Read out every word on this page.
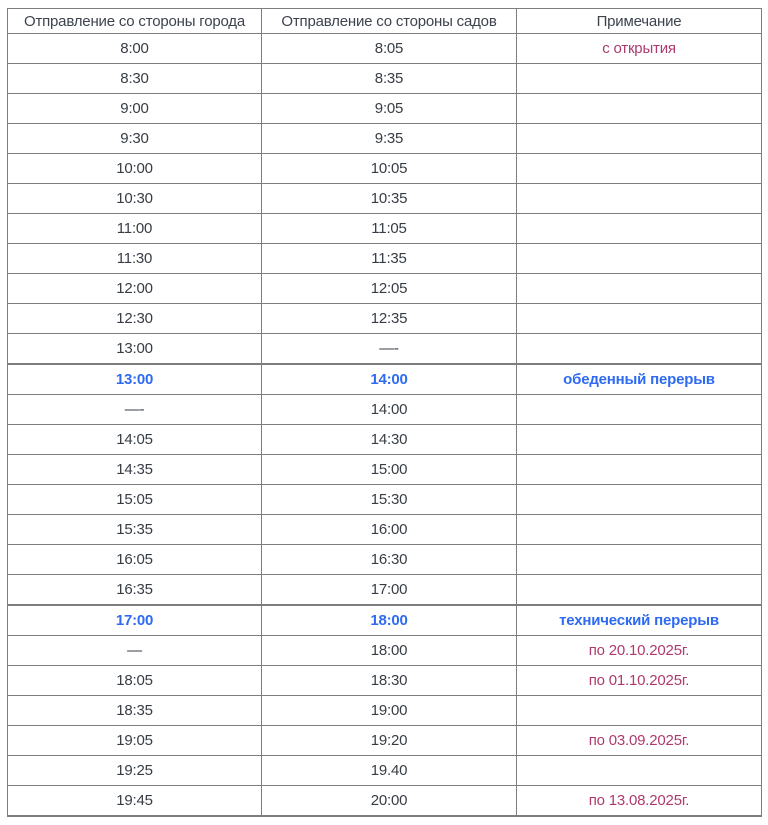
Отправление со стороны города	Отправление со стороны садов	Примечание
8:00	8:05	с открытия
8:30	8:35	
9:00	9:05	
9:30	9:35	
10:00	10:05	
10:30	10:35	
11:00	11:05	
11:30	11:35	
12:00	12:05	
12:30	12:35	
13:00	—-	
13:00	14:00	обеденный перерыв
—-	14:00	
14:05	14:30	
14:35	15:00	
15:05	15:30	
15:35	16:00	
16:05	16:30	
16:35	17:00	
17:00	18:00	технический перерыв
—	18:00	по 20.10.2025г.
18:05	18:30	по 01.10.2025г.
18:35	19:00	
19:05	19:20	по 03.09.2025г.
19:25	19.40	
19:45	20:00	по 13.08.2025г.
